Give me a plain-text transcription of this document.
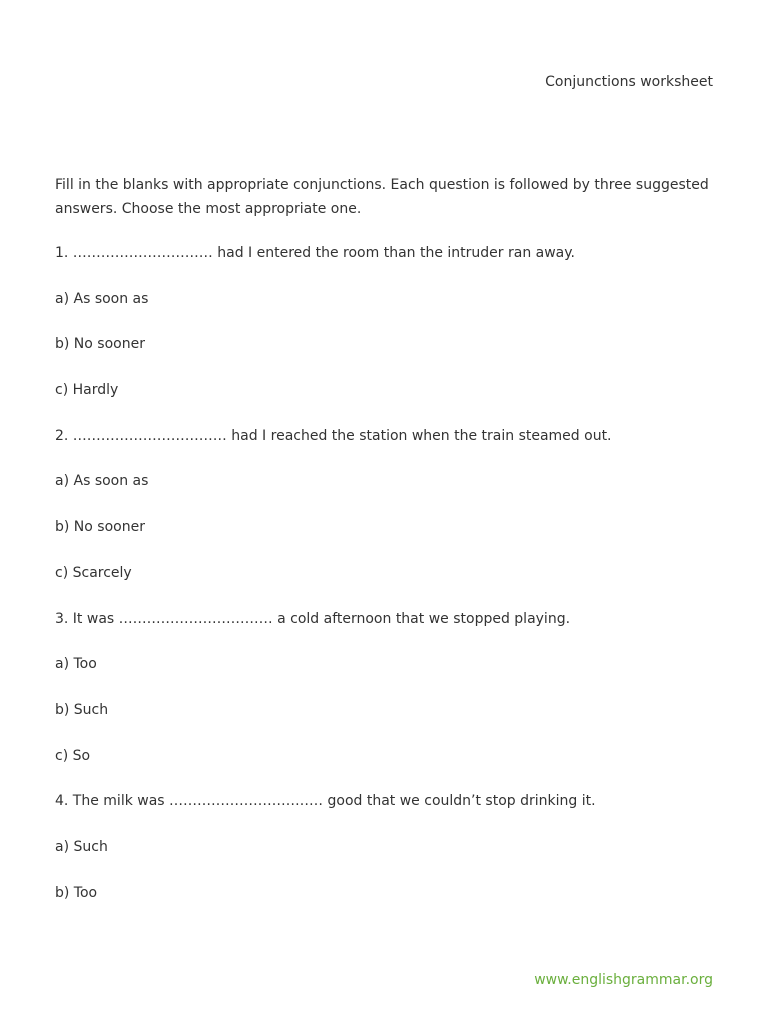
Conjunctions worksheet

Fill in the blanks with appropriate conjunctions. Each question is followed by three suggested answers. Choose the most appropriate one.

1. ………………………… had I entered the room than the intruder ran away.
a) As soon as
b) No sooner
c) Hardly
2. …………………………… had I reached the station when the train steamed out.
a) As soon as
b) No sooner
c) Scarcely
3. It was …………………………… a cold afternoon that we stopped playing.
a) Too
b) Such
c) So
4. The milk was …………………………… good that we couldn’t stop drinking it.
a) Such
b) Too
www.englishgrammar.org
